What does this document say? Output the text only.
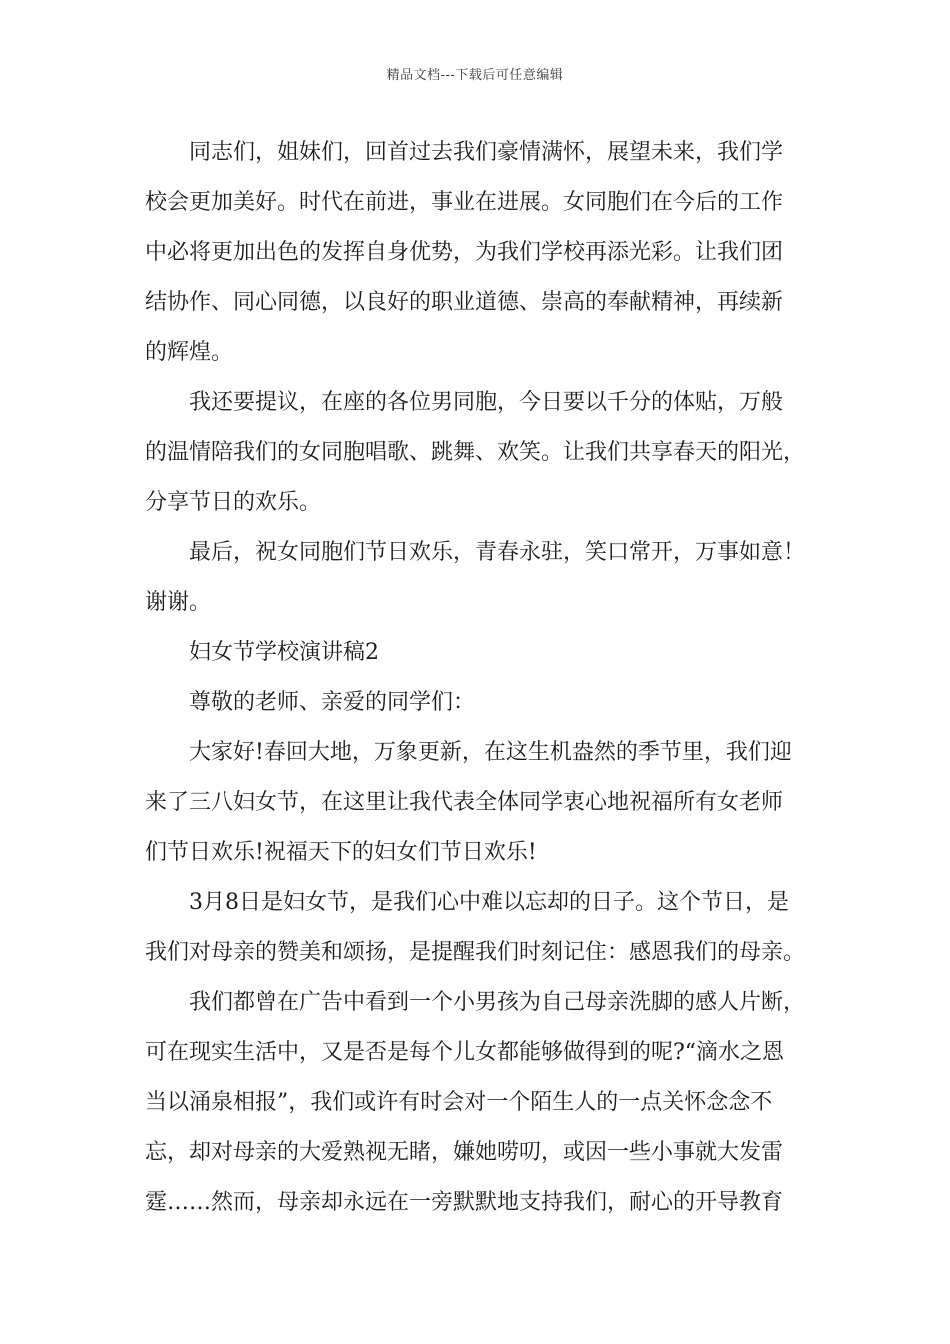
精品文档---下载后可任意编辑
同志们，姐妹们，回首过去我们豪情满怀，展望未来，我们学
校会更加美好。时代在前进，事业在进展。女同胞们在今后的工作
中必将更加出色的发挥自身优势，为我们学校再添光彩。让我们团
结协作、同心同德，以良好的职业道德、崇高的奉献精神，再续新
的辉煌。
我还要提议，在座的各位男同胞，今日要以千分的体贴，万般
的温情陪我们的女同胞唱歌、跳舞、欢笑。让我们共享春天的阳光，
分享节日的欢乐。
最后，祝女同胞们节日欢乐，青春永驻，笑口常开，万事如意！
谢谢。
妇女节学校演讲稿2
尊敬的老师、亲爱的同学们：
大家好!春回大地，万象更新，在这生机盎然的季节里，我们迎
来了三八妇女节，在这里让我代表全体同学衷心地祝福所有女老师
们节日欢乐!祝福天下的妇女们节日欢乐!
3月8日是妇女节，是我们心中难以忘却的日子。这个节日，是
我们对母亲的赞美和颂扬，是提醒我们时刻记住：感恩我们的母亲。
我们都曾在广告中看到一个小男孩为自己母亲洗脚的感人片断，
可在现实生活中，又是否是每个儿女都能够做得到的呢?“滴水之恩
当以涌泉相报”，我们或许有时会对一个陌生人的一点关怀念念不
忘，却对母亲的大爱熟视无睹，嫌她唠叨，或因一些小事就大发雷
霆……然而，母亲却永远在一旁默默地支持我们，耐心的开导教育
